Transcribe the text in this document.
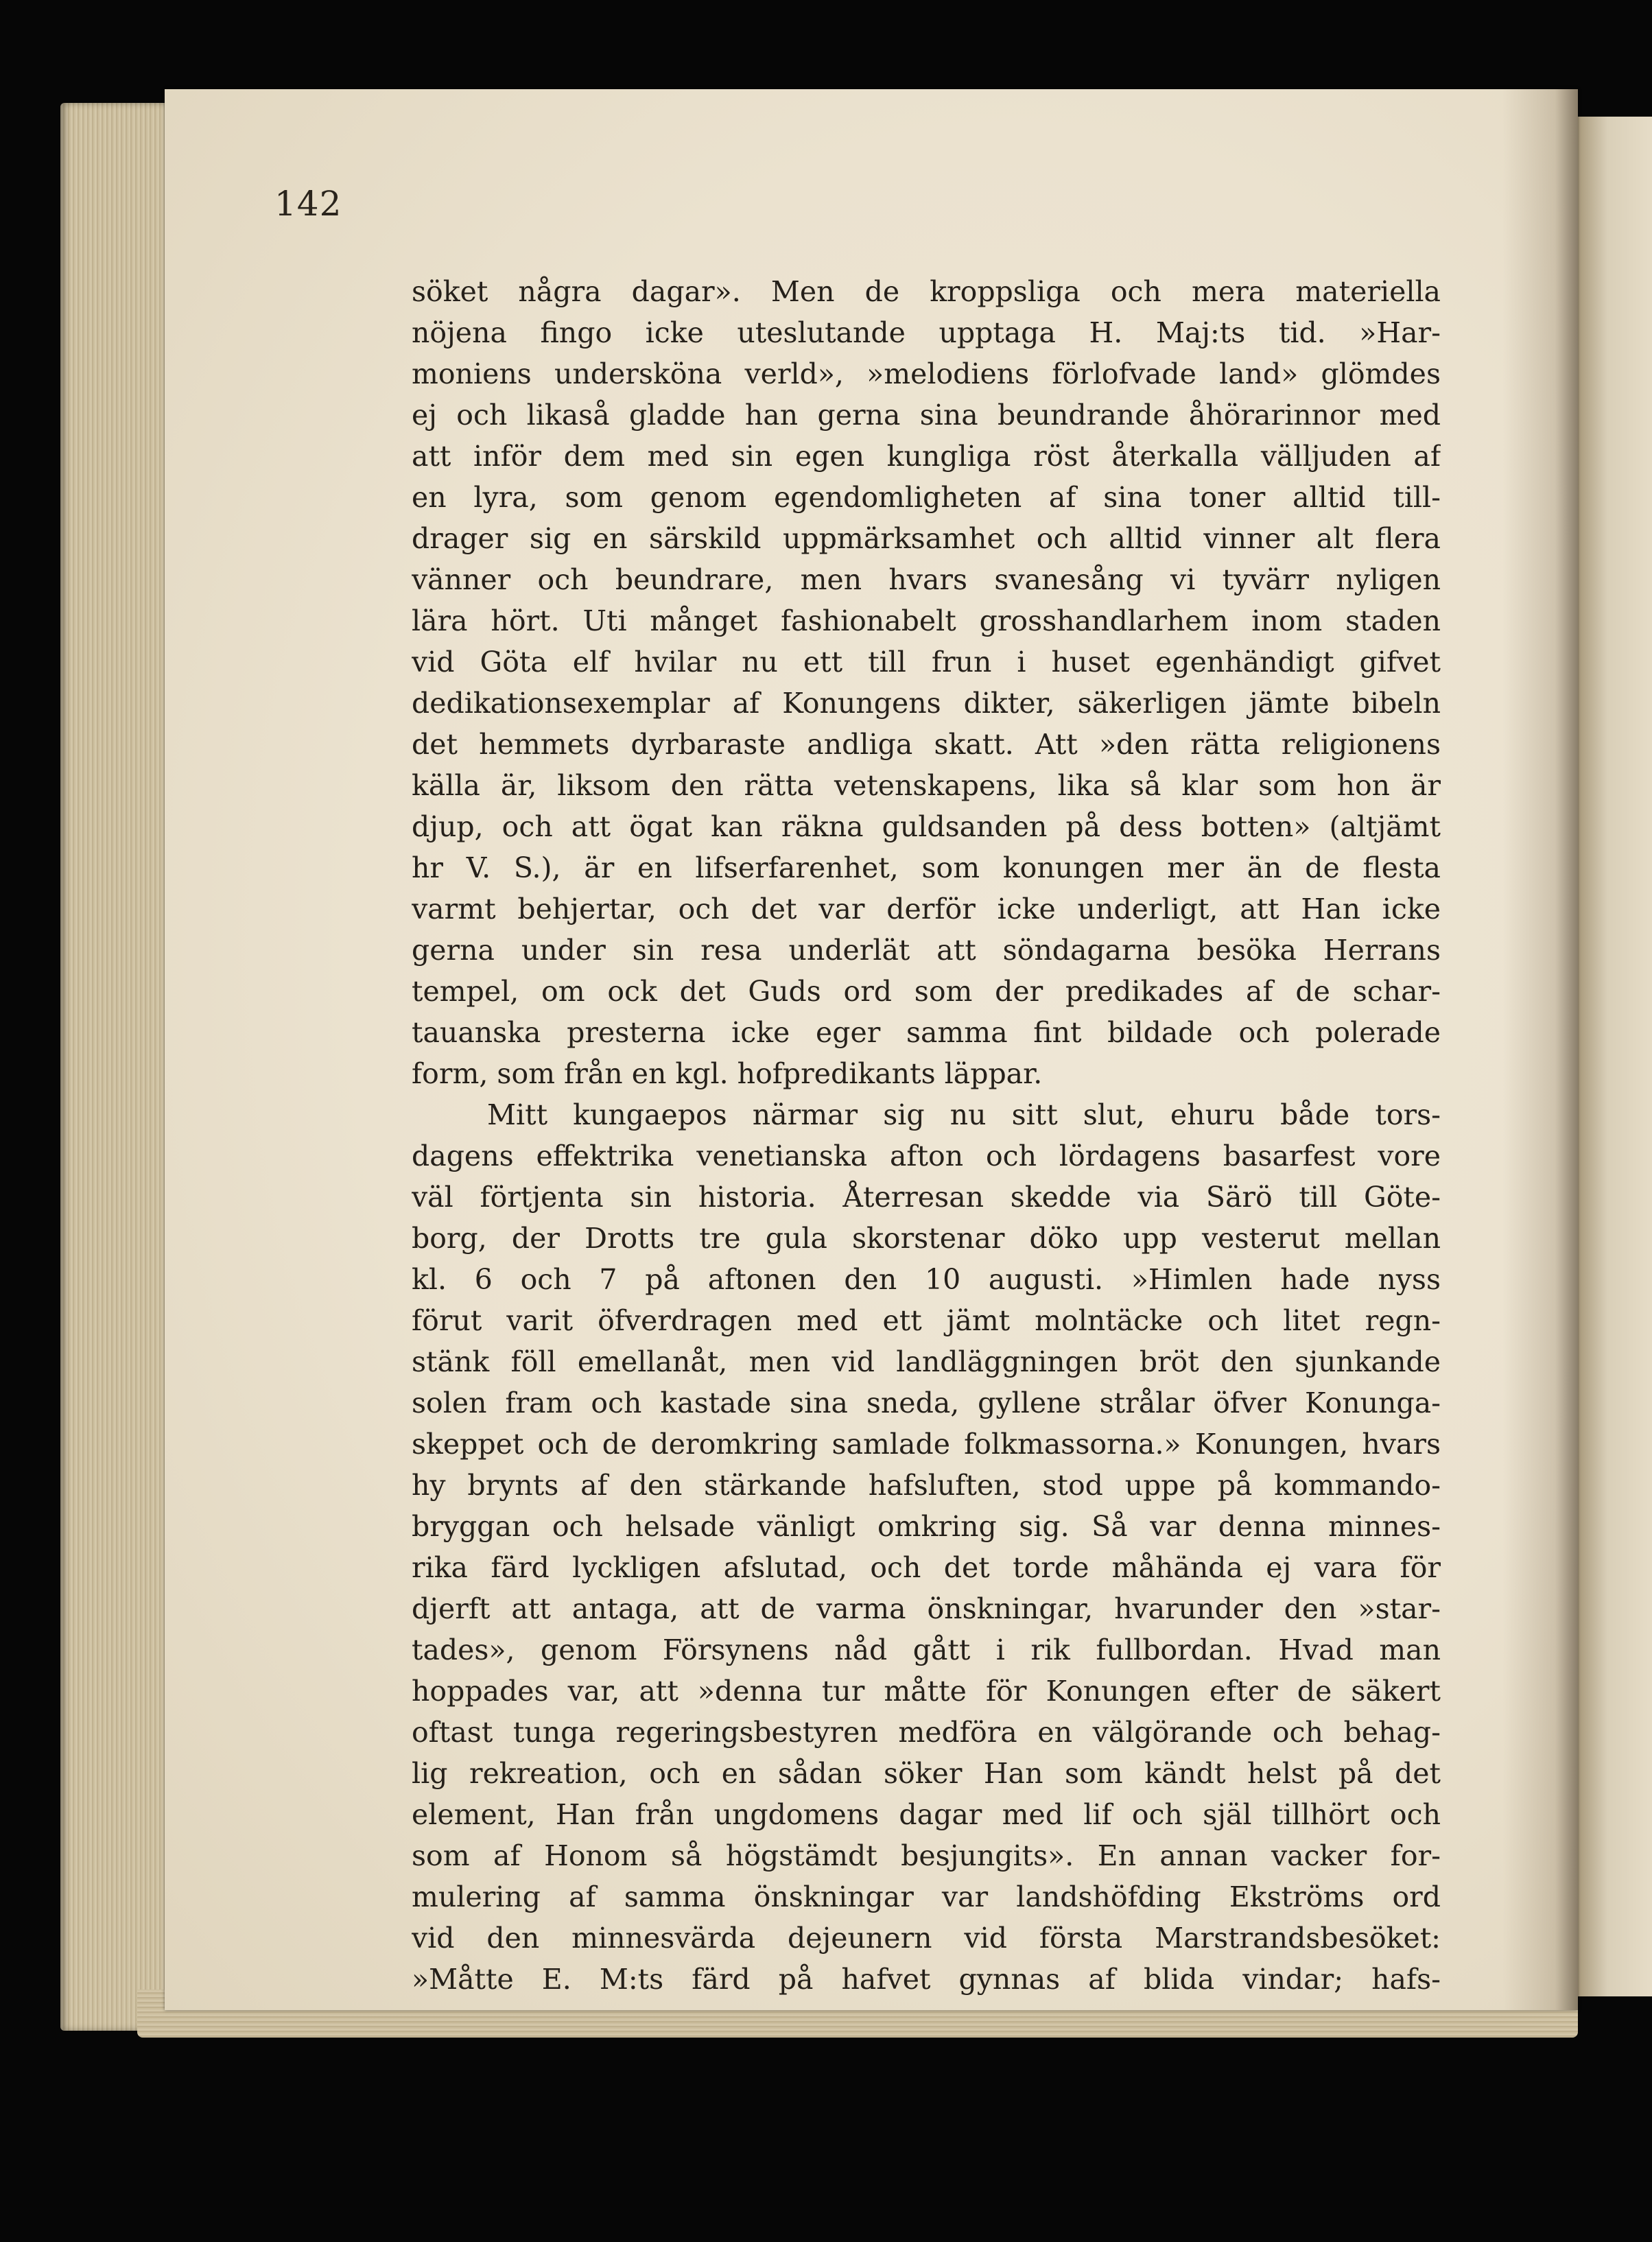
142
söket några dagar». Men de kroppsliga och mera materiella
nöjena fingo icke uteslutande upptaga H. Maj:ts tid. »Har-
moniens undersköna verld», »melodiens förlofvade land» glömdes
ej och likaså gladde han gerna sina beundrande åhörarinnor med
att inför dem med sin egen kungliga röst återkalla välljuden af
en lyra, som genom egendomligheten af sina toner alltid till-
drager sig en särskild uppmärksamhet och alltid vinner alt flera
vänner och beundrare, men hvars svanesång vi tyvärr nyligen
lära hört. Uti månget fashionabelt grosshandlarhem inom staden
vid Göta elf hvilar nu ett till frun i huset egenhändigt gifvet
dedikationsexemplar af Konungens dikter, säkerligen jämte bibeln
det hemmets dyrbaraste andliga skatt. Att »den rätta religionens
källa är, liksom den rätta vetenskapens, lika så klar som hon är
djup, och att ögat kan räkna guldsanden på dess botten» (altjämt
hr V. S.), är en lifserfarenhet, som konungen mer än de flesta
varmt behjertar, och det var derför icke underligt, att Han icke
gerna under sin resa underlät att söndagarna besöka Herrans
tempel, om ock det Guds ord som der predikades af de schar-
tauanska presterna icke eger samma fint bildade och polerade
form, som från en kgl. hofpredikants läppar.
Mitt kungaepos närmar sig nu sitt slut, ehuru både tors-
dagens effektrika venetianska afton och lördagens basarfest vore
väl förtjenta sin historia. Återresan skedde via Särö till Göte-
borg, der Drotts tre gula skorstenar döko upp vesterut mellan
kl. 6 och 7 på aftonen den 10 augusti. »Himlen hade nyss
förut varit öfverdragen med ett jämt molntäcke och litet regn-
stänk föll emellanåt, men vid landläggningen bröt den sjunkande
solen fram och kastade sina sneda, gyllene strålar öfver Konunga-
skeppet och de deromkring samlade folkmassorna.» Konungen, hvars
hy brynts af den stärkande hafsluften, stod uppe på kommando-
bryggan och helsade vänligt omkring sig. Så var denna minnes-
rika färd lyckligen afslutad, och det torde måhända ej vara för
djerft att antaga, att de varma önskningar, hvarunder den »star-
tades», genom Försynens nåd gått i rik fullbordan. Hvad man
hoppades var, att »denna tur måtte för Konungen efter de säkert
oftast tunga regeringsbestyren medföra en välgörande och behag-
lig rekreation, och en sådan söker Han som kändt helst på det
element, Han från ungdomens dagar med lif och själ tillhört och
som af Honom så högstämdt besjungits». En annan vacker for-
mulering af samma önskningar var landshöfding Ekströms ord
vid den minnesvärda dejeunern vid första Marstrandsbesöket:
»Måtte E. M:ts färd på hafvet gynnas af blida vindar; hafs-
